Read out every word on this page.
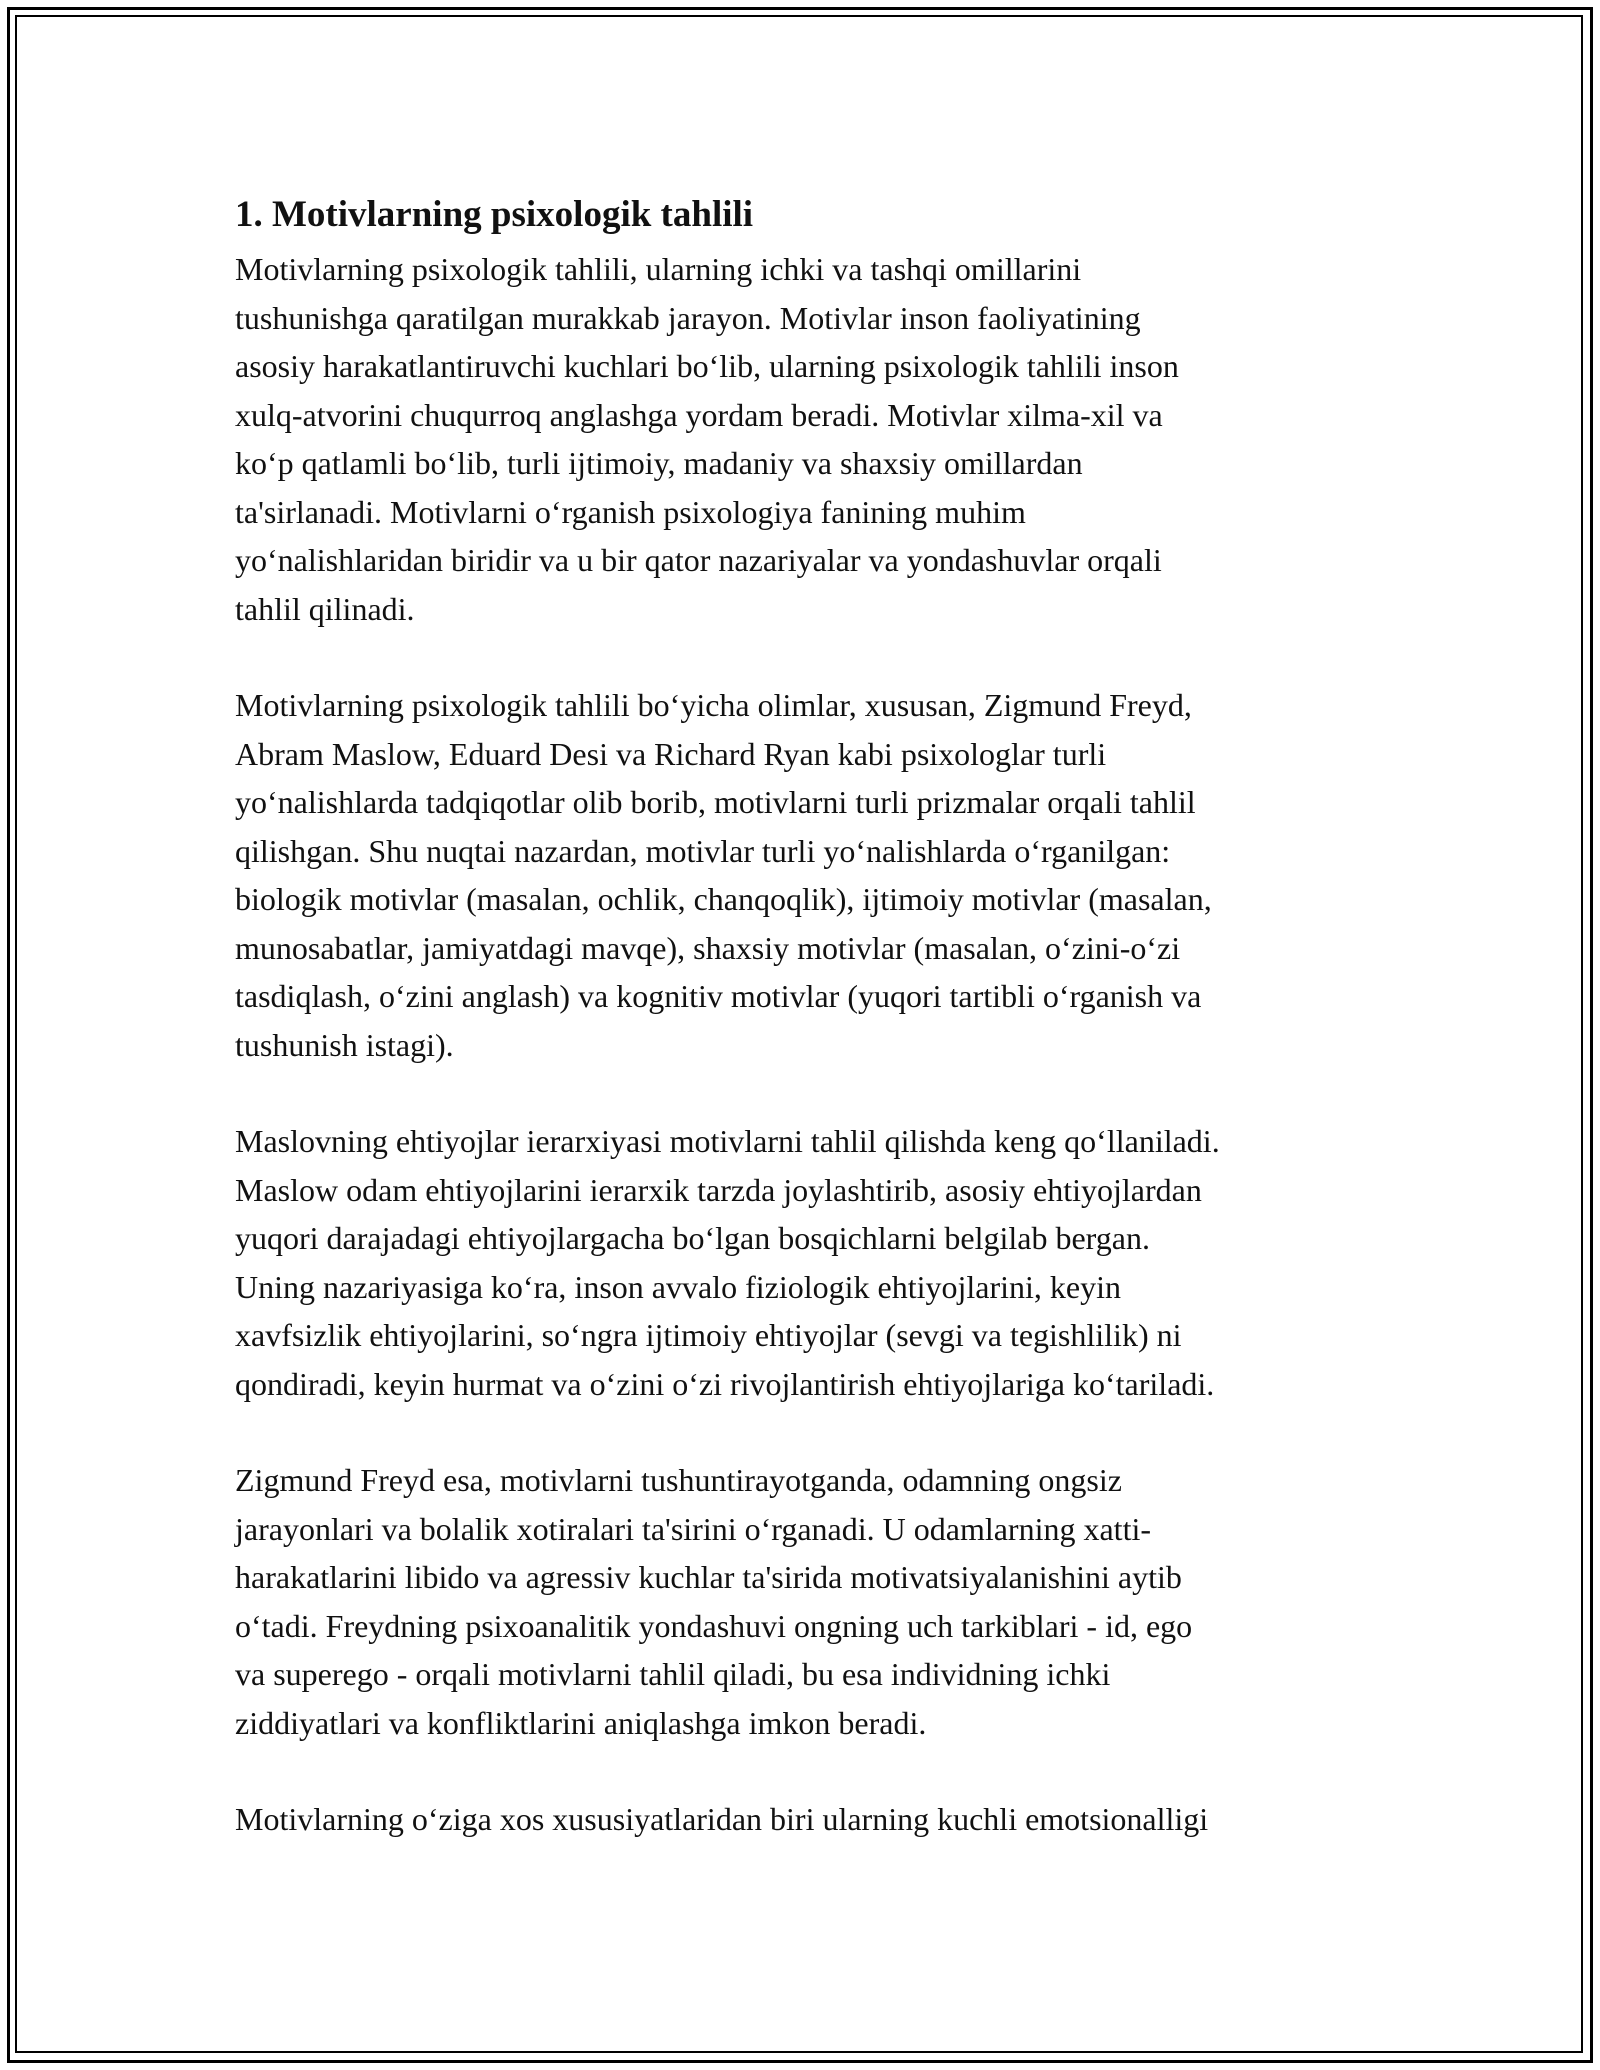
1. Motivlarning psixologik tahlili

Motivlarning psixologik tahlili, ularning ichki va tashqi omillarini
tushunishga qaratilgan murakkab jarayon. Motivlar inson faoliyatining
asosiy harakatlantiruvchi kuchlari bo‘lib, ularning psixologik tahlili inson
xulq-atvorini chuqurroq anglashga yordam beradi. Motivlar xilma-xil va
ko‘p qatlamli bo‘lib, turli ijtimoiy, madaniy va shaxsiy omillardan
ta'sirlanadi. Motivlarni o‘rganish psixologiya fanining muhim
yo‘nalishlaridan biridir va u bir qator nazariyalar va yondashuvlar orqali
tahlil qilinadi.

Motivlarning psixologik tahlili bo‘yicha olimlar, xususan, Zigmund Freyd,
Abram Maslow, Eduard Desi va Richard Ryan kabi psixologlar turli
yo‘nalishlarda tadqiqotlar olib borib, motivlarni turli prizmalar orqali tahlil
qilishgan. Shu nuqtai nazardan, motivlar turli yo‘nalishlarda o‘rganilgan:
biologik motivlar (masalan, ochlik, chanqoqlik), ijtimoiy motivlar (masalan,
munosabatlar, jamiyatdagi mavqe), shaxsiy motivlar (masalan, o‘zini-o‘zi
tasdiqlash, o‘zini anglash) va kognitiv motivlar (yuqori tartibli o‘rganish va
tushunish istagi).

Maslovning ehtiyojlar ierarxiyasi motivlarni tahlil qilishda keng qo‘llaniladi.
Maslow odam ehtiyojlarini ierarxik tarzda joylashtirib, asosiy ehtiyojlardan
yuqori darajadagi ehtiyojlargacha bo‘lgan bosqichlarni belgilab bergan.
Uning nazariyasiga ko‘ra, inson avvalo fiziologik ehtiyojlarini, keyin
xavfsizlik ehtiyojlarini, so‘ngra ijtimoiy ehtiyojlar (sevgi va tegishlilik) ni
qondiradi, keyin hurmat va o‘zini o‘zi rivojlantirish ehtiyojlariga ko‘tariladi.

Zigmund Freyd esa, motivlarni tushuntirayotganda, odamning ongsiz
jarayonlari va bolalik xotiralari ta'sirini o‘rganadi. U odamlarning xatti-
harakatlarini libido va agressiv kuchlar ta'sirida motivatsiyalanishini aytib
o‘tadi. Freydning psixoanalitik yondashuvi ongning uch tarkiblari - id, ego
va superego - orqali motivlarni tahlil qiladi, bu esa individning ichki
ziddiyatlari va konfliktlarini aniqlashga imkon beradi.

Motivlarning o‘ziga xos xususiyatlaridan biri ularning kuchli emotsionalligi
